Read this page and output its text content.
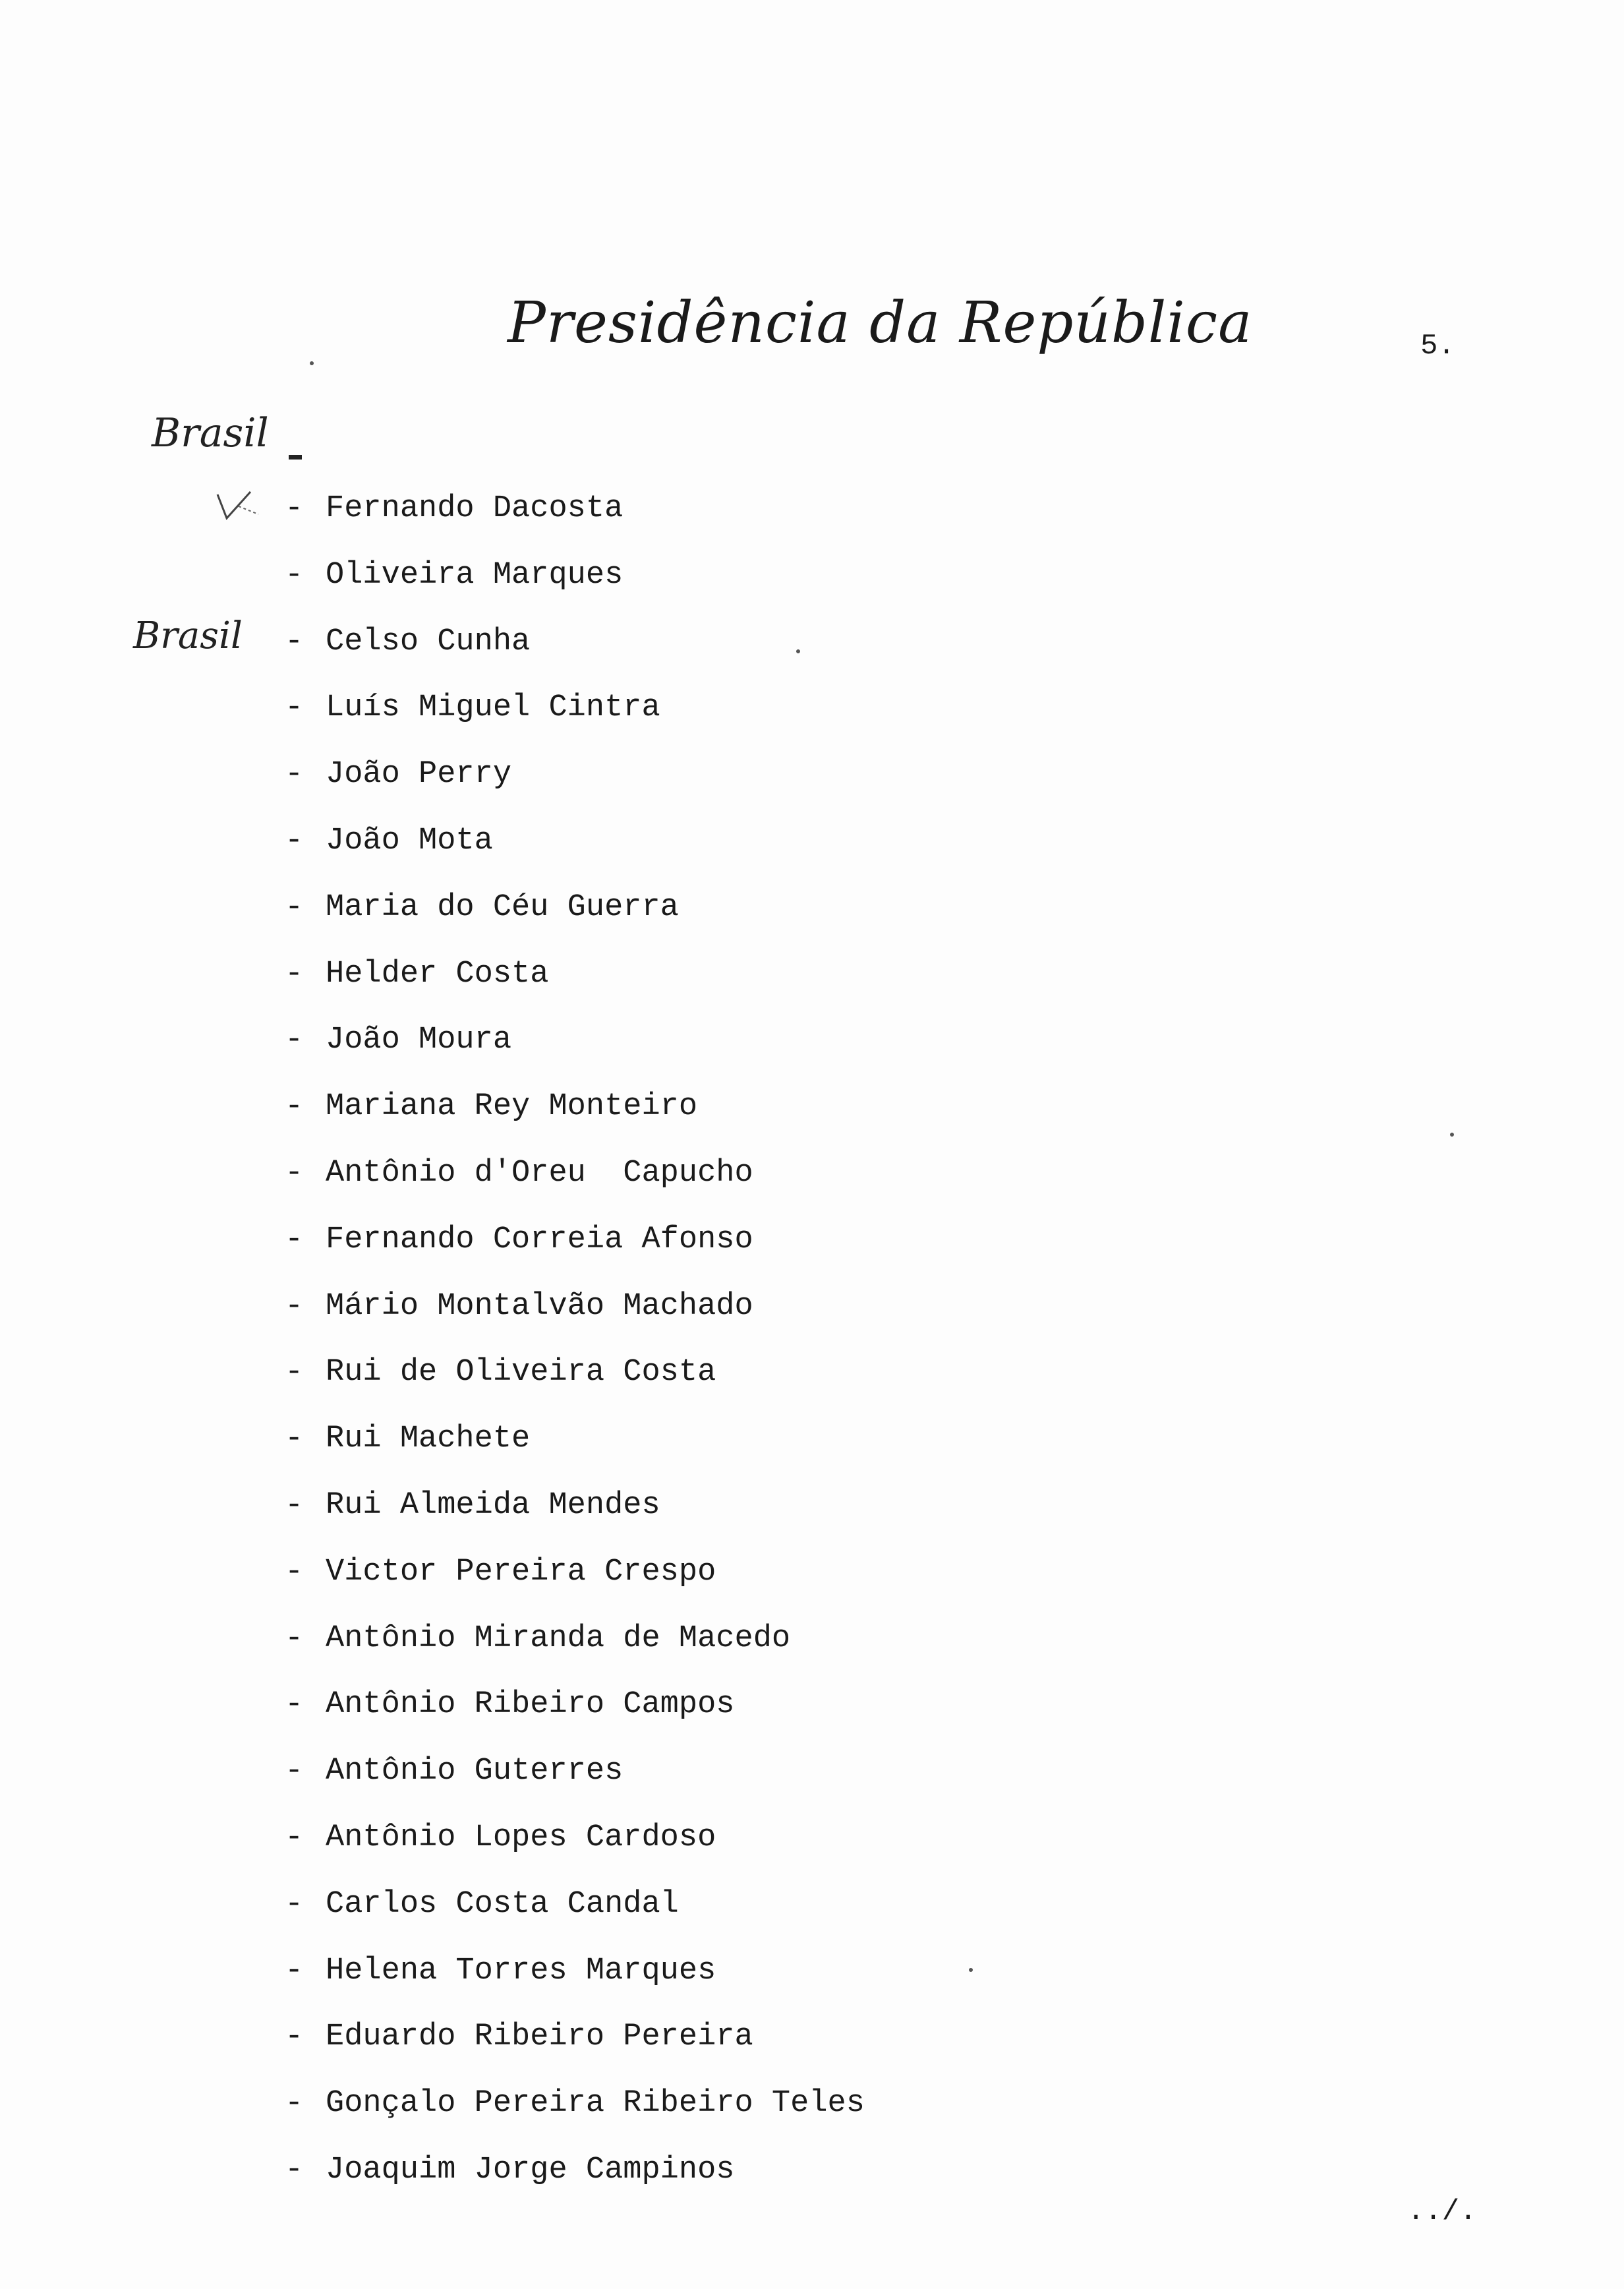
Presidência da República	5.
Brasil
Brasil
- Fernando Dacosta
- Oliveira Marques
- Celso Cunha
- Luís Miguel Cintra
- João Perry
- João Mota
- Maria do Céu Guerra
- Helder Costa
- João Moura
- Mariana Rey Monteiro
- Antônio d'Oreu  Capucho
- Fernando Correia Afonso
- Mário Montalvão Machado
- Rui de Oliveira Costa
- Rui Machete
- Rui Almeida Mendes
- Victor Pereira Crespo
- Antônio Miranda de Macedo
- Antônio Ribeiro Campos
- Antônio Guterres
- Antônio Lopes Cardoso
- Carlos Costa Candal
- Helena Torres Marques
- Eduardo Ribeiro Pereira
- Gonçalo Pereira Ribeiro Teles
- Joaquim Jorge Campinos
../.
